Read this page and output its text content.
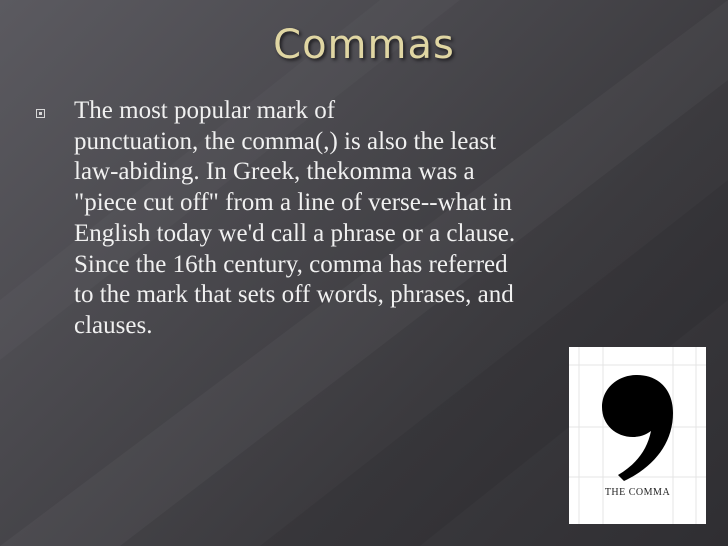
Commas
The most popular mark of
punctuation, the comma(,) is also the least
law-abiding. In Greek, thekomma was a
"piece cut off" from a line of verse--what in
English today we'd call a phrase or a clause.
Since the 16th century, comma has referred
to the mark that sets off words, phrases, and
clauses.
THE COMMA
